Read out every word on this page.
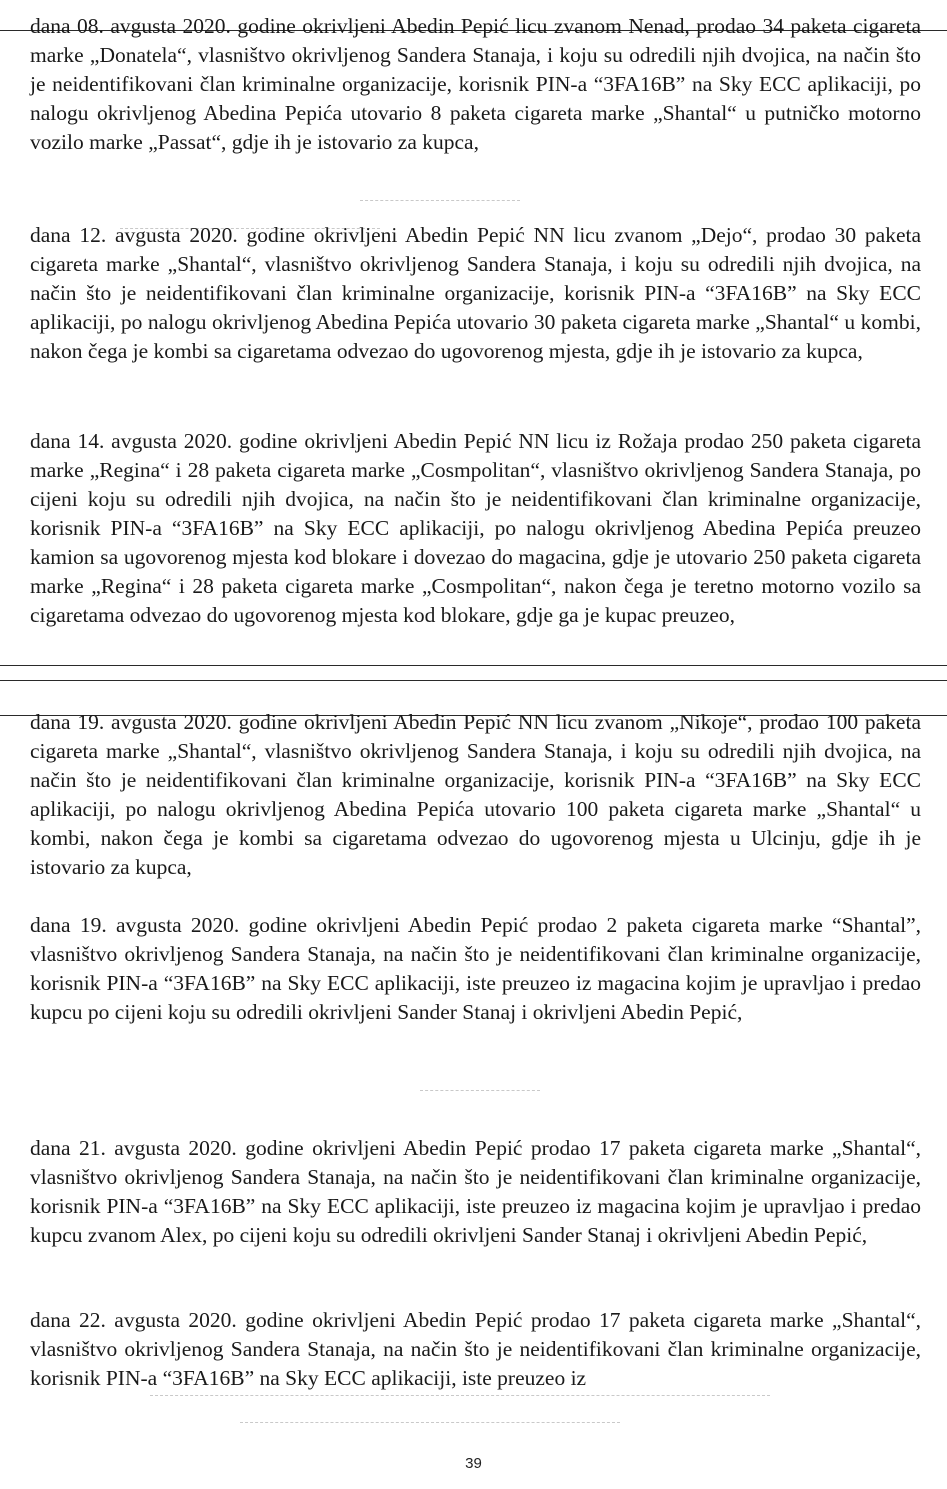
dana 08. avgusta 2020. godine okrivljeni Abedin Pepić licu zvanom Nenad, prodao 34 paketa cigareta marke „Donatela“, vlasništvo okrivljenog Sandera Stanaja, i koju su odredili njih dvojica, na način što je neidentifikovani član kriminalne organizacije, korisnik PIN-a “3FA16B” na Sky ECC aplikaciji, po nalogu okrivljenog Abedina Pepića utovario 8 paketa cigareta marke „Shantal“ u putničko motorno vozilo marke „Passat“, gdje ih je istovario za kupca,

dana 12. avgusta 2020. godine okrivljeni Abedin Pepić NN licu zvanom „Dejo“, prodao 30 paketa cigareta marke „Shantal“, vlasništvo okrivljenog Sandera Stanaja, i koju su odredili njih dvojica, na način što je neidentifikovani član kriminalne organizacije, korisnik PIN-a “3FA16B” na Sky ECC aplikaciji, po nalogu okrivljenog Abedina Pepića utovario 30 paketa cigareta marke „Shantal“ u kombi, nakon čega je kombi sa cigaretama odvezao do ugovorenog mjesta, gdje ih je istovario za kupca,

dana 14. avgusta 2020. godine okrivljeni Abedin Pepić NN licu iz Rožaja prodao 250 paketa cigareta marke „Regina“ i 28 paketa cigareta marke „Cosmpolitan“, vlasništvo okrivljenog Sandera Stanaja, po cijeni koju su odredili njih dvojica, na način što je neidentifikovani član kriminalne organizacije, korisnik PIN-a “3FA16B” na Sky ECC aplikaciji, po nalogu okrivljenog Abedina Pepića preuzeo kamion sa ugovorenog mjesta kod blokare i dovezao do magacina, gdje je utovario 250 paketa cigareta marke „Regina“ i 28 paketa cigareta marke „Cosmpolitan“, nakon čega je teretno motorno vozilo sa cigaretama odvezao do ugovorenog mjesta kod blokare, gdje ga je kupac preuzeo,

dana 19. avgusta 2020. godine okrivljeni Abedin Pepić NN licu zvanom „Nikoje“, prodao 100 paketa cigareta marke „Shantal“, vlasništvo okrivljenog Sandera Stanaja, i koju su odredili njih dvojica, na način što je neidentifikovani član kriminalne organizacije, korisnik PIN-a “3FA16B” na Sky ECC aplikaciji, po nalogu okrivljenog Abedina Pepića utovario 100 paketa cigareta marke „Shantal“ u kombi, nakon čega je kombi sa cigaretama odvezao do ugovorenog mjesta u Ulcinju, gdje ih je istovario za kupca,

dana 19. avgusta 2020. godine okrivljeni Abedin Pepić prodao 2 paketa cigareta marke “Shantal”, vlasništvo okrivljenog Sandera Stanaja, na način što je neidentifikovani član kriminalne organizacije, korisnik PIN-a “3FA16B” na Sky ECC aplikaciji, iste preuzeo iz magacina kojim je upravljao i predao kupcu po cijeni koju su odredili okrivljeni Sander Stanaj i okrivljeni Abedin Pepić,

dana 21. avgusta 2020. godine okrivljeni Abedin Pepić prodao 17 paketa cigareta marke „Shantal“, vlasništvo okrivljenog Sandera Stanaja, na način što je neidentifikovani član kriminalne organizacije, korisnik PIN-a “3FA16B” na Sky ECC aplikaciji, iste preuzeo iz magacina kojim je upravljao i predao kupcu zvanom Alex, po cijeni koju su odredili okrivljeni Sander Stanaj i okrivljeni Abedin Pepić,

dana 22. avgusta 2020. godine okrivljeni Abedin Pepić prodao 17 paketa cigareta marke „Shantal“, vlasništvo okrivljenog Sandera Stanaja, na način što je neidentifikovani član kriminalne organizacije, korisnik PIN-a “3FA16B” na Sky ECC aplikaciji, iste preuzeo iz

39
